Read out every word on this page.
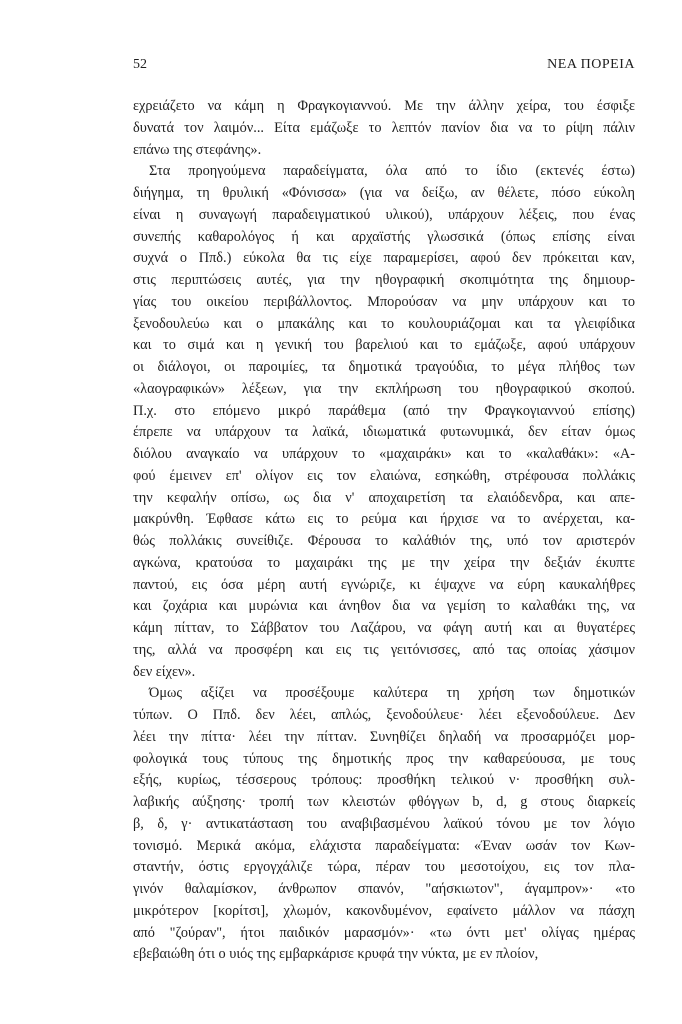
52	ΝΕΑ ΠΟΡΕΙΑ
εχρειάζετο να κάμη η Φραγκογιαννού. Με την άλλην χείρα, του έσφιξε
δυνατά τον λαιμόν... Είτα εμάζωξε το λεπτόν πανίον δια να το ρίψη πάλιν
επάνω της στεφάνης».
Στα προηγούμενα παραδείγματα, όλα από το ίδιο (εκτενές έστω)
διήγημα, τη θρυλική «Φόνισσα» (για να δείξω, αν θέλετε, πόσο εύκολη
είναι η συναγωγή παραδειγματικού υλικού), υπάρχουν λέξεις, που ένας
συνεπής καθαρολόγος ή και αρχαϊστής γλωσσικά (όπως επίσης είναι
συχνά ο Ππδ.) εύκολα θα τις είχε παραμερίσει, αφού δεν πρόκειται καν,
στις περιπτώσεις αυτές, για την ηθογραφική σκοπιμότητα της δημιουρ-
γίας του οικείου περιβάλλοντος. Μπορούσαν να μην υπάρχουν και το
ξενοδουλεύω και ο μπακάλης και το κουλουριάζομαι και τα γλειφίδικα
και το σιμά και η γενική του βαρελιού και το εμάζωξε, αφού υπάρχουν
οι διάλογοι, οι παροιμίες, τα δημοτικά τραγούδια, το μέγα πλήθος των
«λαογραφικών» λέξεων, για την εκπλήρωση του ηθογραφικού σκοπού.
Π.χ. στο επόμενο μικρό παράθεμα (από την Φραγκογιαννού επίσης)
έπρεπε να υπάρχουν τα λαϊκά, ιδιωματικά φυτωνυμικά, δεν είταν όμως
διόλου αναγκαίο να υπάρχουν το «μαχαιράκι» και το «καλαθάκι»: «Α-
φού έμεινεν επ' ολίγον εις τον ελαιώνα, εσηκώθη, στρέφουσα πολλάκις
την κεφαλήν οπίσω, ως δια ν' αποχαιρετίση τα ελαιόδενδρα, και απε-
μακρύνθη. Έφθασε κάτω εις το ρεύμα και ήρχισε να το ανέρχεται, κα-
θώς πολλάκις συνείθιζε. Φέρουσα το καλάθιόν της, υπό τον αριστερόν
αγκώνα, κρατούσα το μαχαιράκι της με την χείρα την δεξιάν έκυπτε
παντού, εις όσα μέρη αυτή εγνώριζε, κι έψαχνε να εύρη καυκαλήθρες
και ζοχάρια και μυρώνια και άνηθον δια να γεμίση το καλαθάκι της, να
κάμη πίτταν, το Σάββατον του Λαζάρου, να φάγη αυτή και αι θυγατέρες
της, αλλά να προσφέρη και εις τις γειτόνισσες, από τας οποίας χάσιμον
δεν είχεν».
Όμως αξίζει να προσέξουμε καλύτερα τη χρήση των δημοτικών
τύπων. Ο Ππδ. δεν λέει, απλώς, ξενοδούλευε· λέει εξενοδούλευε. Δεν
λέει την πίττα· λέει την πίτταν. Συνηθίζει δηλαδή να προσαρμόζει μορ-
φολογικά τους τύπους της δημοτικής προς την καθαρεύουσα, με τους
εξής, κυρίως, τέσσερους τρόπους: προσθήκη τελικού ν· προσθήκη συλ-
λαβικής αύξησης· τροπή των κλειστών φθόγγων b, d, g στους διαρκείς
β, δ, γ· αντικατάσταση του αναβιβασμένου λαϊκού τόνου με τον λόγιο
τονισμό. Μερικά ακόμα, ελάχιστα παραδείγματα: «Έναν ωσάν τον Κων-
σταντήν, όστις εργογχάλιζε τώρα, πέραν του μεσοτοίχου, εις τον πλα-
γινόν θαλαμίσκον, άνθρωπον σπανόν, "αήσκιωτον", άγαμπρον»· «το
μικρότερον [κορίτσι], χλωμόν, κακονδυμένον, εφαίνετο μάλλον να πάσχη
από "ζούραν", ήτοι παιδικόν μαρασμόν»· «τω όντι μετ' ολίγας ημέρας
εβεβαιώθη ότι ο υιός της εμβαρκάρισε κρυφά την νύκτα, με εν πλοίον,
